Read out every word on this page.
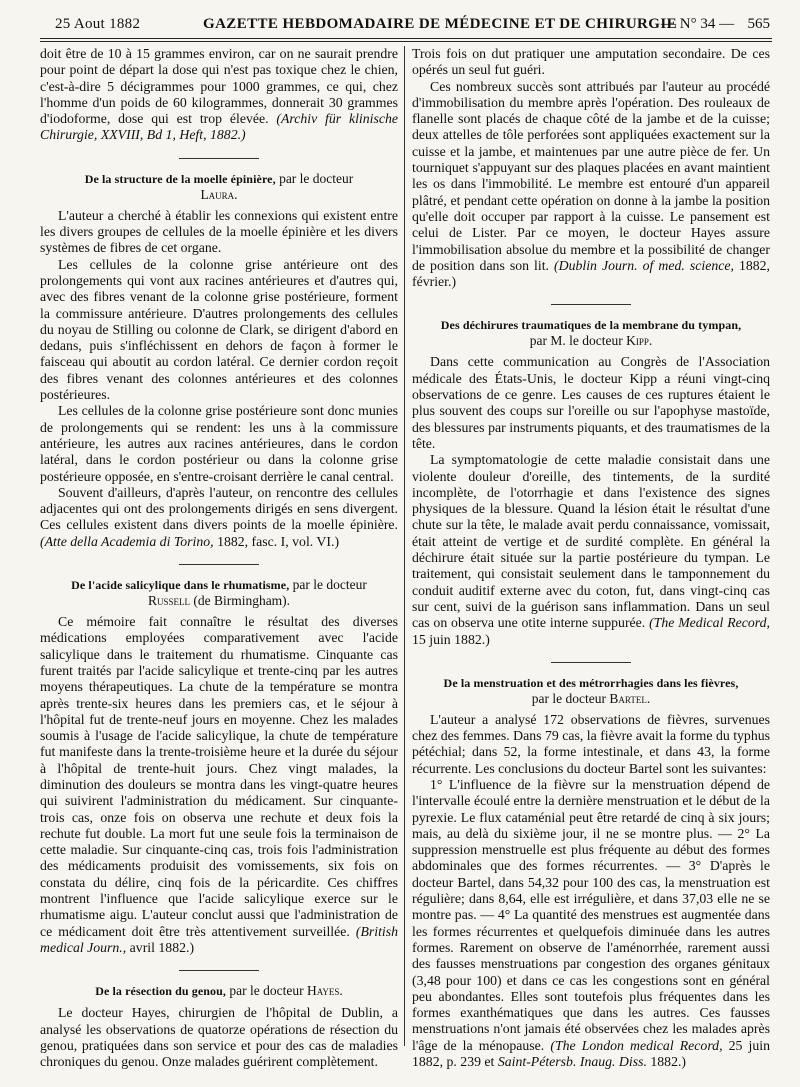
25 Aout 1882	GAZETTE HEBDOMADAIRE DE MÉDECINE ET DE CHIRURGIE
— N° 34 — 565

doit être de 10 à 15 grammes environ, car on ne saurait prendre pour point de départ la dose qui n'est pas toxique chez le chien, c'est-à-dire 5 décigrammes pour 1000 grammes, ce qui, chez l'homme d'un poids de 60 kilogrammes, donnerait 30 grammes d'iodoforme, dose qui est trop élevée. (Archiv für klinische Chirurgie, XXVIII, Bd 1, Heft, 1882.)

De la structure de la moelle épinière, par le docteur
Laura.

L'auteur a cherché à établir les connexions qui existent entre les divers groupes de cellules de la moelle épinière et les divers systèmes de fibres de cet organe.

Les cellules de la colonne grise antérieure ont des prolongements qui vont aux racines antérieures et d'autres qui, avec des fibres venant de la colonne grise postérieure, forment la commissure antérieure. D'autres prolongements des cellules du noyau de Stilling ou colonne de Clark, se dirigent d'abord en dedans, puis s'infléchissent en dehors de façon à former le faisceau qui aboutit au cordon latéral. Ce dernier cordon reçoit des fibres venant des colonnes antérieures et des colonnes postérieures.

Les cellules de la colonne grise postérieure sont donc munies de prolongements qui se rendent: les uns à la commissure antérieure, les autres aux racines antérieures, dans le cordon latéral, dans le cordon postérieur ou dans la colonne grise postérieure opposée, en s'entre-croisant derrière le canal central.

Souvent d'ailleurs, d'après l'auteur, on rencontre des cellules adjacentes qui ont des prolongements dirigés en sens divergent. Ces cellules existent dans divers points de la moelle épinière. (Atte della Academia di Torino, 1882, fasc. I, vol. VI.)

De l'acide salicylique dans le rhumatisme, par le docteur
Russell (de Birmingham).

Ce mémoire fait connaître le résultat des diverses médications employées comparativement avec l'acide salicylique dans le traitement du rhumatisme. Cinquante cas furent traités par l'acide salicylique et trente-cinq par les autres moyens thérapeutiques. La chute de la température se montra après trente-six heures dans les premiers cas, et le séjour à l'hôpital fut de trente-neuf jours en moyenne. Chez les malades soumis à l'usage de l'acide salicylique, la chute de température fut manifeste dans la trente-troisième heure et la durée du séjour à l'hôpital de trente-huit jours. Chez vingt malades, la diminution des douleurs se montra dans les vingt-quatre heures qui suivirent l'administration du médicament. Sur cinquante-trois cas, onze fois on observa une rechute et deux fois la rechute fut double. La mort fut une seule fois la terminaison de cette maladie. Sur cinquante-cinq cas, trois fois l'administration des médicaments produisit des vomissements, six fois on constata du délire, cinq fois de la péricardite. Ces chiffres montrent l'influence que l'acide salicylique exerce sur le rhumatisme aigu. L'auteur conclut aussi que l'administration de ce médicament doit être très attentivement surveillée. (British medical Journ., avril 1882.)

De la résection du genou, par le docteur Hayes.

Le docteur Hayes, chirurgien de l'hôpital de Dublin, a analysé les observations de quatorze opérations de résection du genou, pratiquées dans son service et pour des cas de maladies chroniques du genou. Onze malades guérirent complètement.

Trois fois on dut pratiquer une amputation secondaire. De ces opérés un seul fut guéri.

Ces nombreux succès sont attribués par l'auteur au procédé d'immobilisation du membre après l'opération. Des rouleaux de flanelle sont placés de chaque côté de la jambe et de la cuisse; deux attelles de tôle perforées sont appliquées exactement sur la cuisse et la jambe, et maintenues par une autre pièce de fer. Un tourniquet s'appuyant sur des plaques placées en avant maintient les os dans l'immobilité. Le membre est entouré d'un appareil plâtré, et pendant cette opération on donne à la jambe la position qu'elle doit occuper par rapport à la cuisse. Le pansement est celui de Lister. Par ce moyen, le docteur Hayes assure l'immobilisation absolue du membre et la possibilité de changer de position dans son lit. (Dublin Journ. of med. science, 1882, février.)

Des déchirures traumatiques de la membrane du tympan,
par M. le docteur Kipp.

Dans cette communication au Congrès de l'Association médicale des États-Unis, le docteur Kipp a réuni vingt-cinq observations de ce genre. Les causes de ces ruptures étaient le plus souvent des coups sur l'oreille ou sur l'apophyse mastoïde, des blessures par instruments piquants, et des traumatismes de la tête.

La symptomatologie de cette maladie consistait dans une violente douleur d'oreille, des tintements, de la surdité incomplète, de l'otorrhagie et dans l'existence des signes physiques de la blessure. Quand la lésion était le résultat d'une chute sur la tête, le malade avait perdu connaissance, vomissait, était atteint de vertige et de surdité complète. En général la déchirure était située sur la partie postérieure du tympan. Le traitement, qui consistait seulement dans le tamponnement du conduit auditif externe avec du coton, fut, dans vingt-cinq cas sur cent, suivi de la guérison sans inflammation. Dans un seul cas on observa une otite interne suppurée. (The Medical Record, 15 juin 1882.)

De la menstruation et des métrorrhagies dans les fièvres,
par le docteur Bartel.

L'auteur a analysé 172 observations de fièvres, survenues chez des femmes. Dans 79 cas, la fièvre avait la forme du typhus pétéchial; dans 52, la forme intestinale, et dans 43, la forme récurrente. Les conclusions du docteur Bartel sont les suivantes:

1° L'influence de la fièvre sur la menstruation dépend de l'intervalle écoulé entre la dernière menstruation et le début de la pyrexie. Le flux cataménial peut être retardé de cinq à six jours; mais, au delà du sixième jour, il ne se montre plus. — 2° La suppression menstruelle est plus fréquente au début des formes abdominales que des formes récurrentes. — 3° D'après le docteur Bartel, dans 54,32 pour 100 des cas, la menstruation est régulière; dans 8,64, elle est irrégulière, et dans 37,03 elle ne se montre pas. — 4° La quantité des menstrues est augmentée dans les formes récurrentes et quelquefois diminuée dans les autres formes. Rarement on observe de l'aménorrhée, rarement aussi des fausses menstruations par congestion des organes génitaux (3,48 pour 100) et dans ce cas les congestions sont en général peu abondantes. Elles sont toutefois plus fréquentes dans les formes exanthématiques que dans les autres. Ces fausses menstruations n'ont jamais été observées chez les malades après l'âge de la ménopause. (The London medical Record, 25 juin 1882, p. 239 et Saint-Pétersb. Inaug. Diss. 1882.)
